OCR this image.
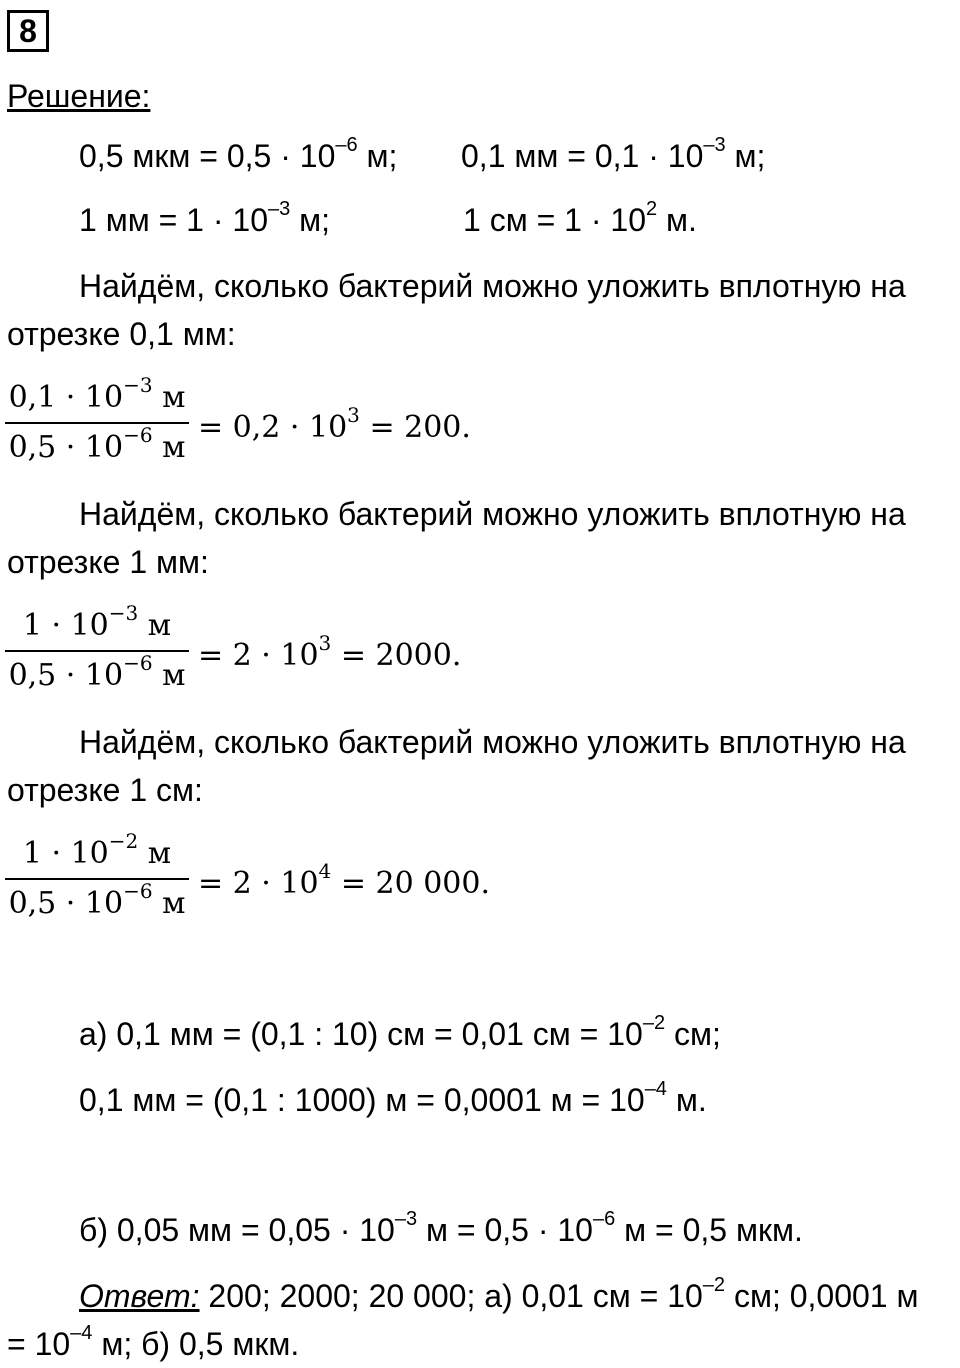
8
Решение:
0,5 мкм = $0,5 \cdot 10^{-6}$ м; 0,1 мм = $0,1 \cdot 10^{-3}$ м;
1 мм = $1 \cdot 10^{-3}$ м;	1 см = $1 \cdot 10^2$ м.
Найдём, сколько бактерий можно уложить вплотную на
отрезке 0,1 мм:
$0,1 \cdot 10^{-3}$ м
$0,5 \cdot 10^{-6}$ м
= $0,2 \cdot 10^3 = 200$.
Найдём, сколько бактерий можно уложить вплотную на
отрезке 1 мм:
$1 \cdot 10^{-3}$ м
$0,5 \cdot 10^{-6}$ м
= $2 \cdot 10^3 = 2000$.
Найдём, сколько бактерий можно уложить вплотную на
отрезке 1 см:
$1 \cdot 10^{-2}$ м
$0,5 \cdot 10^{-6}$ м
= $2 \cdot 10^4 = 20$ 000.
а) 0,1 мм = (0,1 : 10) см = 0,01 см = $10^{-2}$ см;
0,1 мм = (0,1 : 1000) м = 0,0001 $м = 10^{-4}$ м.
б) 0,05 мм = $0,05 \cdot 10^{-3}$ $м = 0,5 \cdot 10^{-6}$ м = 0,5 мкм.
Ответ: 200; 2000; 20 000; а) 0,01 см = $10^{-2}$ см; 0,0001 м
= $10^{-4}$ м; б) 0,5 мкм.
